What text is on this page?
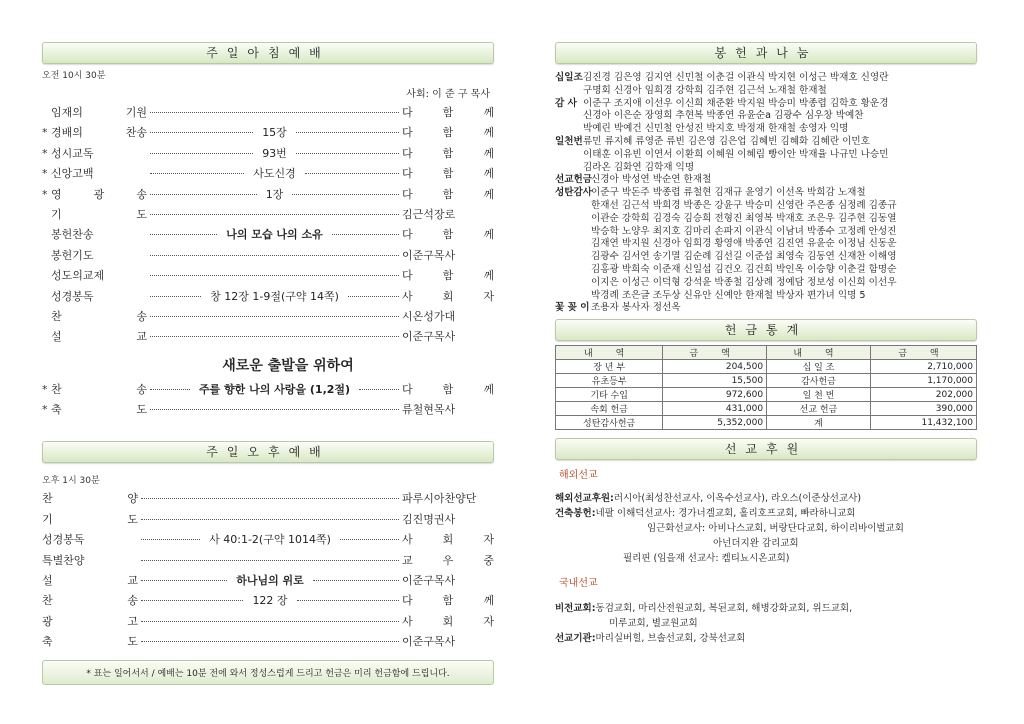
주일아침예배
오전 10시 30분
사회: 이 준 구 목사
임재의 기원	다 함 께
* 경배의 찬송	15장	다 함 께
* 성시교독	93번	다 함 께
* 신앙고백	사도신경	다 함 께
* 영 광 송	1장	다 함 께
기 도	김근석장로
봉헌찬송	나의 모습 나의 소유	다 함 께
봉헌기도	이준구목사
성도의교제	다 함 께
성경봉독	창 12장 1-9절(구약 14쪽)	사 회 자
찬 송	시온성가대
설 교	이준구목사
새로운 출발을 위하여
* 찬 송	주를 향한 나의 사랑을 (1,2절)	다 함 께
* 축 도	류철현목사
주일오후예배
오후 1시 30분
찬 양	파루시아찬양단
기 도	김진명권사
성경봉독	사 40:1-2(구약 1014쪽)	사 회 자
특별찬양	교 우 중
설 교	하나님의 위로	이준구목사
찬 송	122 장	다 함 께
광 고	사 회 자
축 도	이준구목사
* 표는 일어서서 / 예배는 10분 전에 와서 정성스럽게 드리고 헌금은 미리 헌금함에 드립니다.
봉헌과나눔
십일조 김진경 김은영 김지연 신민철 이춘걸 이관식 박지현 이성근 박재호 신영란
구명회 신경아 임희경 강학희 김주현 김근석 노재철 한재철
감 사 이준구 조지애 이선우 이신희 채준환 박지원 박승미 박종렵 김학호 황운경
신경아 이은순 장영희 추현복 박종연 유윤순a 김광수 심우창 박예찬
박예린 박예건 신민철 안성진 박지호 박정재 한재철 송영자 익명
일천번 류민 류지혜 류영준 류빈 김은영 김은업 김혜빈 김혜화 김혜란 이민호
이태훈 이유빈 이연서 이환희 이혜원 이혜림 빵이안 박재율 나규민 나승민
김라온 김화연 김학재 익명
선교헌금
신경아 박성연 박순연 한재철
성탄감사
이준구 박돈주 박종렵 류철현 김재규 윤영기 이선옥 박희감 노재철
한재선 김근석 박희경 박종은 강윤구 박승미 신영란 주은종 심정례 김종규
이관순 강학희 김경숙 김승희 전형진 최영복 박재호 조은우 김주현 김동열
박승학 노양우 최지호 김마리 손파지 이관식 이남녀 박종수 고정례 안성진
김재연 박지원 신경아 임희경 황영애 박종연 김진연 유윤순 이정님 신동운
김광수 김서연 송기멸 김순례 김선길 이준섭 최영숙 김동연 신재찬 이해영
김홍광 박희숙 이준재 신일섭 김건오 김건희 박인옥 이승향 이춘걸 함명순
이지은 이성근 이덕형 강석윤 박종철 김상례 정예담 정보성 이신희 이선우
박경례 조은글 조두상 신유안 신예안 한재철 박상자 편가녀 익명 5
꽃 꽂 이 조용자 봉사자 정선옥
헌금통계
내 역	금 액	내 역	금 액
장 년 부	204,500	십 일 조	2,710,000
유초등부	15,500	감사헌금	1,170,000
기타 수입	972,600	일 천 번	202,000
속회 헌금	431,000	선교 헌금	390,000
성탄감사헌금	5,352,000	계	11,432,100
선교후원
해외선교
해외선교후원:러시아(최성찬선교사, 이옥수선교사), 라오스(이준상선교사)
건축봉헌:네팔 이해덕선교사: 경가너겔교회, 홀리호프교회, 빠라하니교회
임근화선교사: 아비나스교회, 버랑단다교회, 하이리바이벌교회
아넌더지완 감리교회
필리핀 (임을재 선교사: 켐티뇨시온교회)
국내선교
비전교회:동검교회, 마리산전원교회, 복된교회, 해병강화교회, 위드교회,
미루교회, 별교원교회
선교기관:마리실버힐, 브솔선교회, 강북선교회
